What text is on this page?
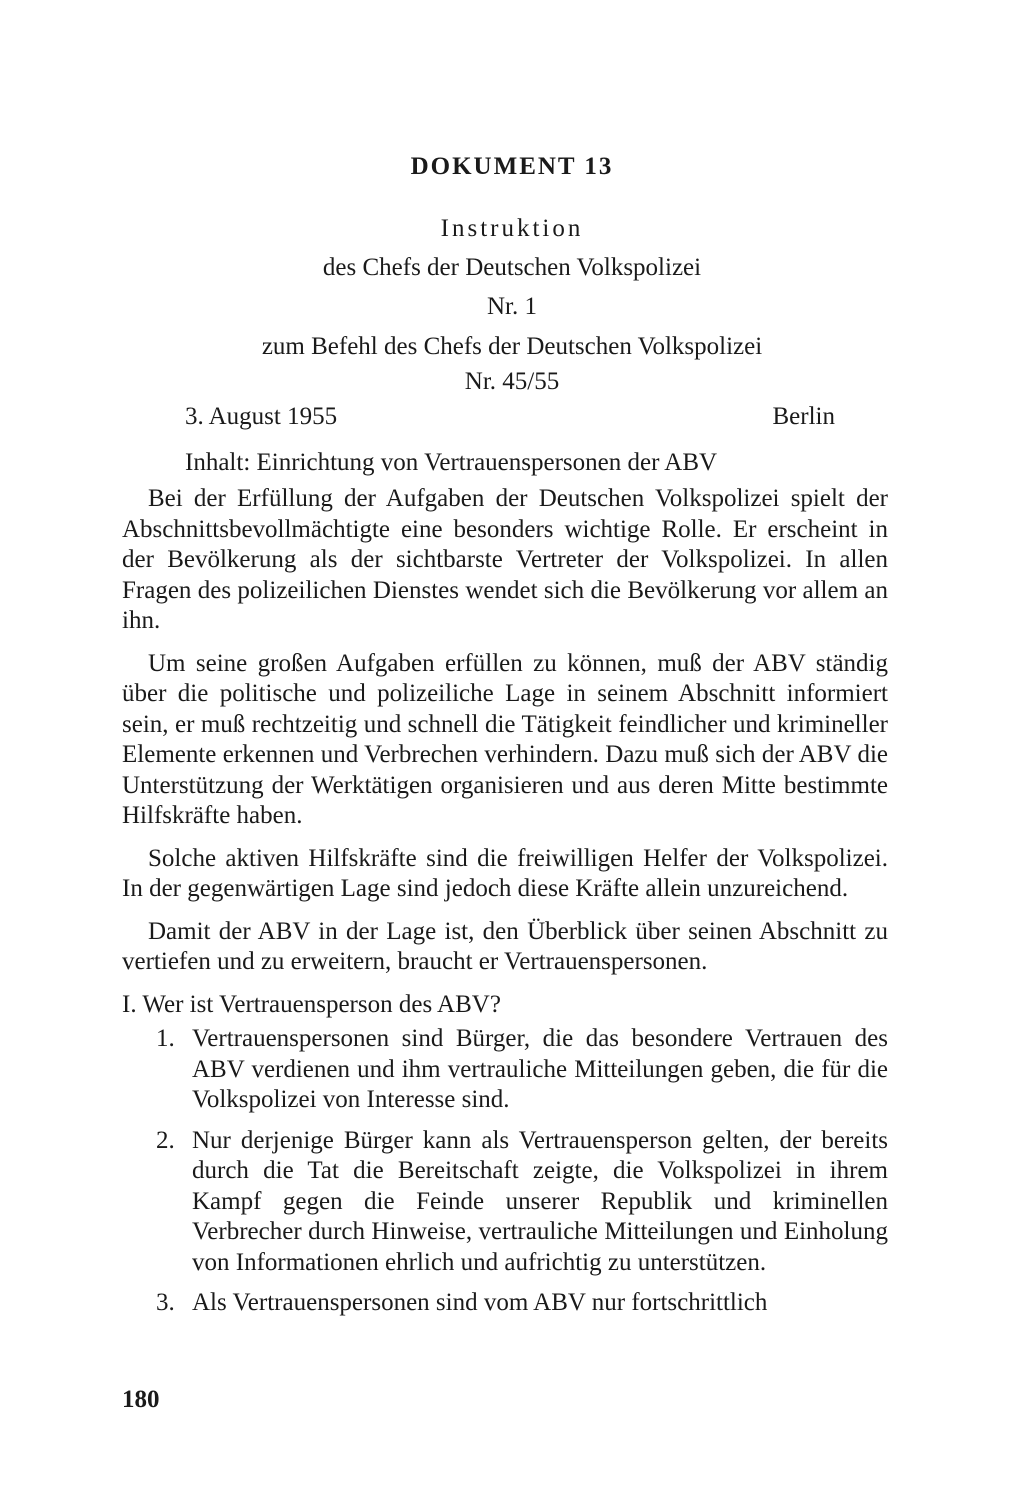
DOKUMENT 13
Instruktion
des Chefs der Deutschen Volkspolizei
Nr. 1
zum Befehl des Chefs der Deutschen Volkspolizei
Nr. 45/55
3. August 1955	Berlin
Inhalt: Einrichtung von Vertrauenspersonen der ABV

Bei der Erfüllung der Aufgaben der Deutschen Volkspolizei spielt der Abschnittsbevollmächtigte eine besonders wichtige Rolle. Er erscheint in der Bevölkerung als der sichtbarste Vertreter der Volkspolizei. In allen Fragen des polizeilichen Dienstes wendet sich die Bevölkerung vor allem an ihn.

Um seine großen Aufgaben erfüllen zu können, muß der ABV ständig über die politische und polizeiliche Lage in seinem Abschnitt informiert sein, er muß rechtzeitig und schnell die Tätigkeit feindlicher und krimineller Elemente erkennen und Verbrechen verhindern. Dazu muß sich der ABV die Unterstützung der Werktätigen organisieren und aus deren Mitte bestimmte Hilfskräfte haben.

Solche aktiven Hilfskräfte sind die freiwilligen Helfer der Volkspolizei. In der gegenwärtigen Lage sind jedoch diese Kräfte allein unzureichend.

Damit der ABV in der Lage ist, den Überblick über seinen Abschnitt zu vertiefen und zu erweitern, braucht er Vertrauenspersonen.

I. Wer ist Vertrauensperson des ABV?
1. Vertrauenspersonen sind Bürger, die das besondere Vertrauen des ABV verdienen und ihm vertrauliche Mitteilungen geben, die für die Volkspolizei von Interesse sind.
2. Nur derjenige Bürger kann als Vertrauensperson gelten, der bereits durch die Tat die Bereitschaft zeigte, die Volkspolizei in ihrem Kampf gegen die Feinde unserer Republik und kriminellen Verbrecher durch Hinweise, vertrauliche Mitteilungen und Einholung von Informationen ehrlich und aufrichtig zu unterstützen.
3. Als Vertrauenspersonen sind vom ABV nur fortschrittlich
180
